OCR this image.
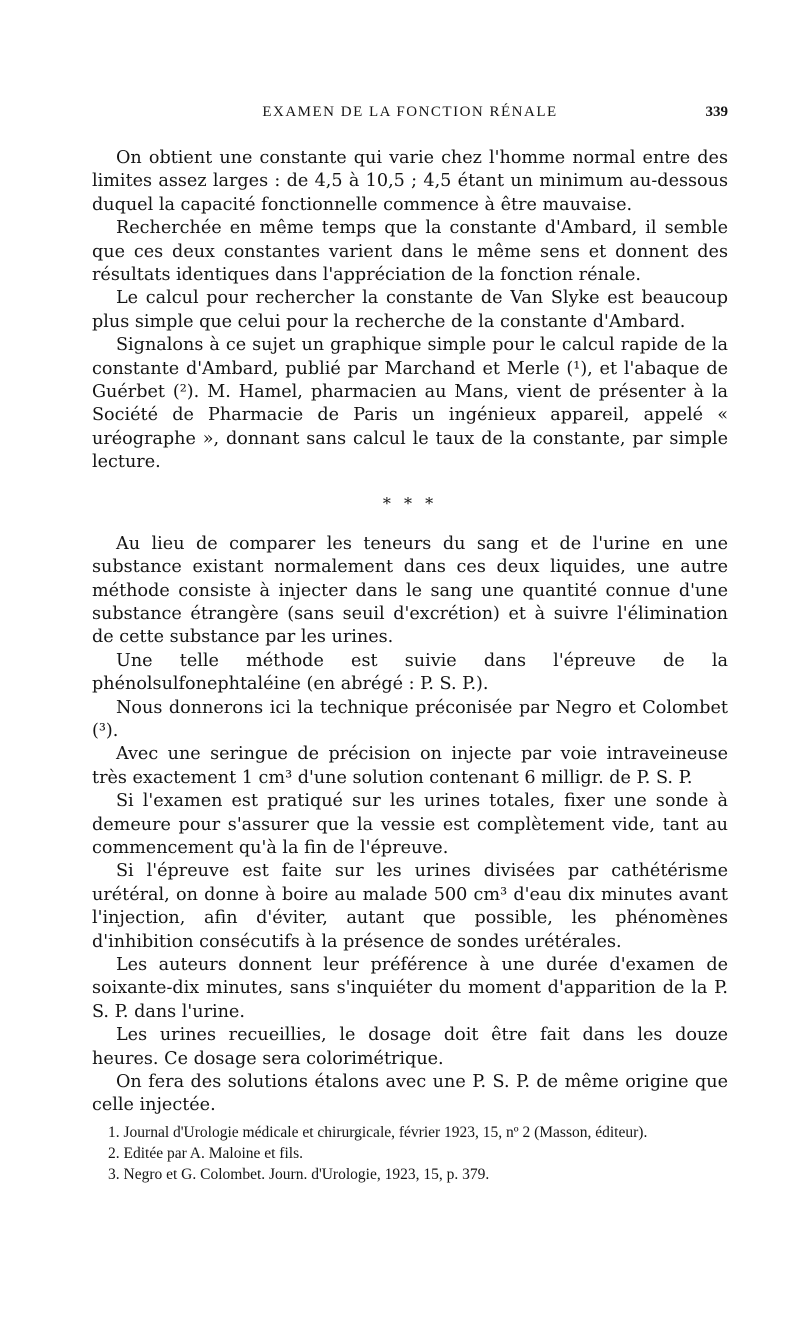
EXAMEN DE LA FONCTION RÉNALE	339

On obtient une constante qui varie chez l'homme normal entre des limites assez larges : de 4,5 à 10,5 ; 4,5 étant un minimum au-dessous duquel la capacité fonctionnelle commence à être mauvaise.

Recherchée en même temps que la constante d'Ambard, il semble que ces deux constantes varient dans le même sens et donnent des résultats identiques dans l'appréciation de la fonction rénale.

Le calcul pour rechercher la constante de Van Slyke est beaucoup plus simple que celui pour la recherche de la constante d'Ambard.

Signalons à ce sujet un graphique simple pour le calcul rapide de la constante d'Ambard, publié par Marchand et Merle (¹), et l'abaque de Guérbet (²). M. Hamel, pharmacien au Mans, vient de présenter à la Société de Pharmacie de Paris un ingénieux appareil, appelé « uréographe », donnant sans calcul le taux de la constante, par simple lecture.

* * *

Au lieu de comparer les teneurs du sang et de l'urine en une substance existant normalement dans ces deux liquides, une autre méthode consiste à injecter dans le sang une quantité connue d'une substance étrangère (sans seuil d'excrétion) et à suivre l'élimination de cette substance par les urines.

Une telle méthode est suivie dans l'épreuve de la phénolsulfonephtaléine (en abrégé : P. S. P.).

Nous donnerons ici la technique préconisée par Negro et Colombet (³).

Avec une seringue de précision on injecte par voie intraveineuse très exactement 1 cm³ d'une solution contenant 6 milligr. de P. S. P.

Si l'examen est pratiqué sur les urines totales, fixer une sonde à demeure pour s'assurer que la vessie est complètement vide, tant au commencement qu'à la fin de l'épreuve.

Si l'épreuve est faite sur les urines divisées par cathétérisme urétéral, on donne à boire au malade 500 cm³ d'eau dix minutes avant l'injection, afin d'éviter, autant que possible, les phénomènes d'inhibition consécutifs à la présence de sondes urétérales.

Les auteurs donnent leur préférence à une durée d'examen de soixante-dix minutes, sans s'inquiéter du moment d'apparition de la P. S. P. dans l'urine.

Les urines recueillies, le dosage doit être fait dans les douze heures. Ce dosage sera colorimétrique.

On fera des solutions étalons avec une P. S. P. de même origine que celle injectée.

1. Journal d'Urologie médicale et chirurgicale, février 1923, 15, nº 2 (Masson, éditeur).

2. Editée par A. Maloine et fils.

3. Negro et G. Colombet. Journ. d'Urologie, 1923, 15, p. 379.
